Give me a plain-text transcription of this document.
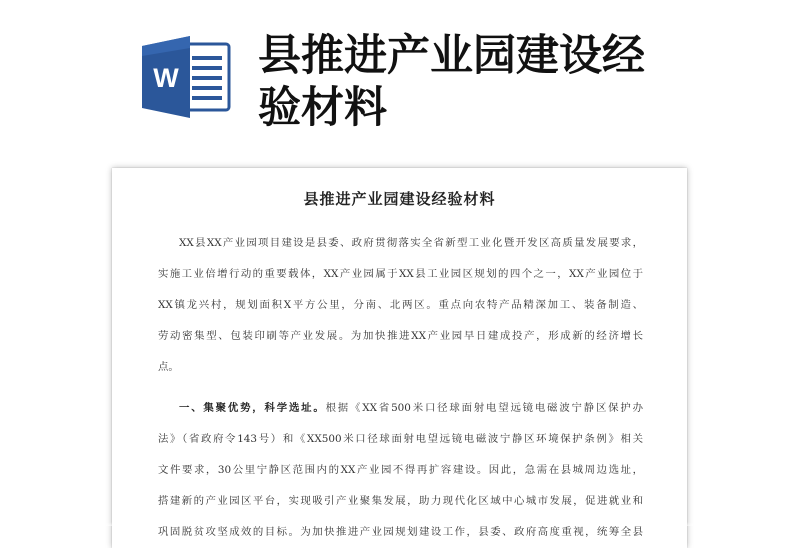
W 县推进产业园建设经
验材料
县推进产业园建设经验材料
XX县XX产业园项目建设是县委、政府贯彻落实全省新型工业化暨开发区高质量发展要求，
实施工业倍增行动的重要载体，XX产业园属于XX县工业园区规划的四个之一，XX产业园位于
XX镇龙兴村，规划面积X平方公里，分南、北两区。重点向农特产品精深加工、装备制造、
劳动密集型、包装印刷等产业发展。为加快推进XX产业园早日建成投产，形成新的经济增长
点。
一、集聚优势，科学选址。根据《XX省500米口径球面射电望远镜电磁波宁静区保护办
法》（省政府令143号）和《XX500米口径球面射电望远镜电磁波宁静区环境保护条例》相关
文件要求，30公里宁静区范围内的XX产业园不得再扩容建设。因此，急需在县城周边选址，
搭建新的产业园区平台，实现吸引产业聚集发展，助力现代化区域中心城市发展，促进就业和
巩固脱贫攻坚成效的目标。为加快推进产业园规划建设工作，县委、政府高度重视，统筹全县
